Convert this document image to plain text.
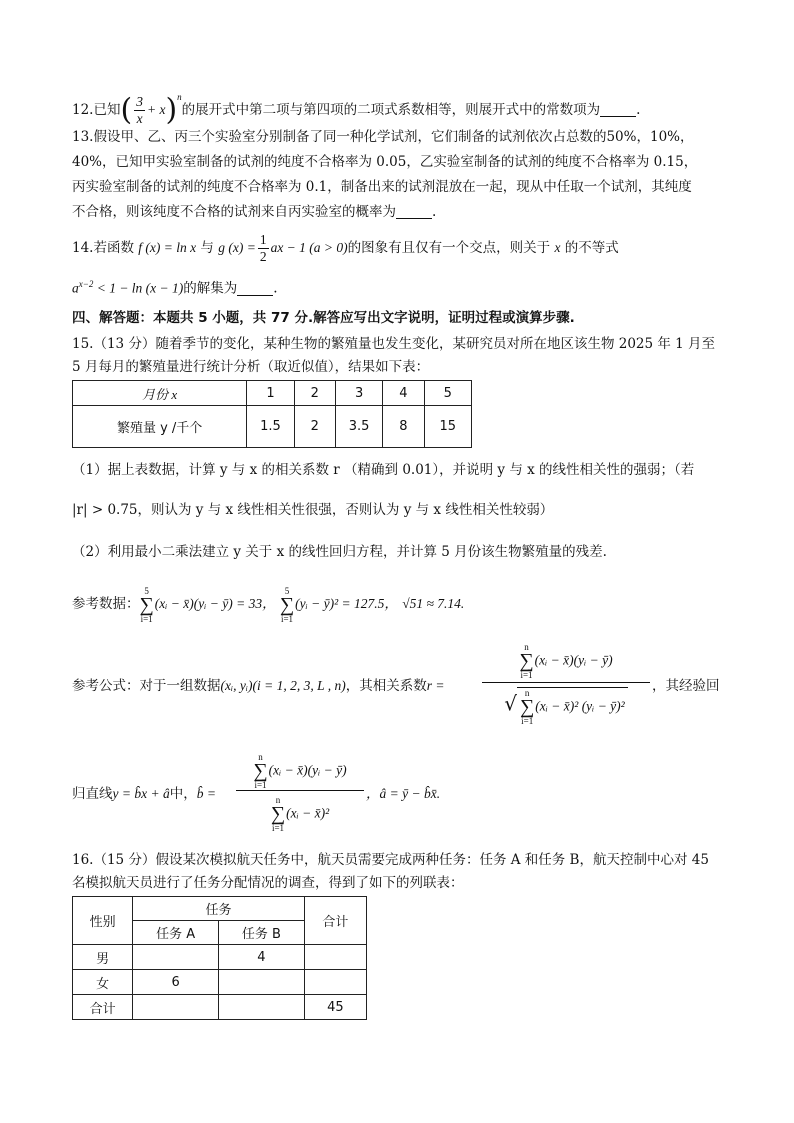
12.已知( $\frac{3}{x} + x)^n$的展开式中第二项与第四项的二项式系数相等，则展开式中的常数项为	.
13.假设甲、乙、丙三个实验室分别制备了同一种化学试剂，它们制备的试剂依次占总数的50%，10%，
40%，已知甲实验室制备的试剂的纯度不合格率为 0.05，乙实验室制备的试剂的纯度不合格率为 0.15，
丙实验室制备的试剂的纯度不合格率为 0.1，制备出来的试剂混放在一起，现从中任取一个试剂，其纯度
不合格，则该纯度不合格的试剂来自丙实验室的概率为	.
14.若函数 f (x) = ln x 与 g $(x) = \frac{1}{2}$ ax − 1 (a > 0)的图象有且仅有一个交点，则关于 x 的不等式
$a^{x-2} < 1 - \ln (x - 1)$的解集为	.
四、解答题：本题共 5 小题，共 77 分.解答应写出文字说明，证明过程或演算步骤.
15.（13 分）随着季节的变化，某种生物的繁殖量也发生变化，某研究员对所在地区该生物 2025 年 1 月至
5 月每月的繁殖量进行统计分析（取近似值），结果如下表：
月份 x	1	2	3	4	5
繁殖量 y /千个	1.5	2	3.5	8	15
（1）据上表数据，计算 y 与 x 的相关系数 r （精确到 0.01），并说明 y 与 x 的线性相关性的强弱；（若
|r| > 0.75，则认为 y 与 x 线性相关性很强，否则认为 y 与 x 线性相关性较弱）
（2）利用最小二乘法建立 y 关于 x 的线性回归方程，并计算 5 月份该生物繁殖量的残差.
参考数据：
5
∑
i=1
(xᵢ − x̄)(yᵢ − ȳ) = 33，
5
∑
i=1
(yᵢ − ȳ)² = 127.5， √51 ≈ 7.14.
参考公式：对于一组数据(xᵢ, yᵢ)(i = 1, 2, 3, L , n)，其相关系数r =	n
∑
i=1
(xᵢ − x̄)(yᵢ − ȳ)
√ n
∑
i=1
(xᵢ − x̄)² (yᵢ − ȳ)² ，其经验回
归直线y = b̂x + â中，b̂ =	n
∑
i=1
(xᵢ − x̄)(yᵢ − ȳ)
n
∑
i=1
(xᵢ − x̄)² ，â = ȳ − b̂x̄.
16.（15 分）假设某次模拟航天任务中，航天员需要完成两种任务：任务 A 和任务 B，航天控制中心对 45
名模拟航天员进行了任务分配情况的调查，得到了如下的列联表：
性别	任务		合计
	任务 A	任务 B	
男		4	
女	6		
合计			45
